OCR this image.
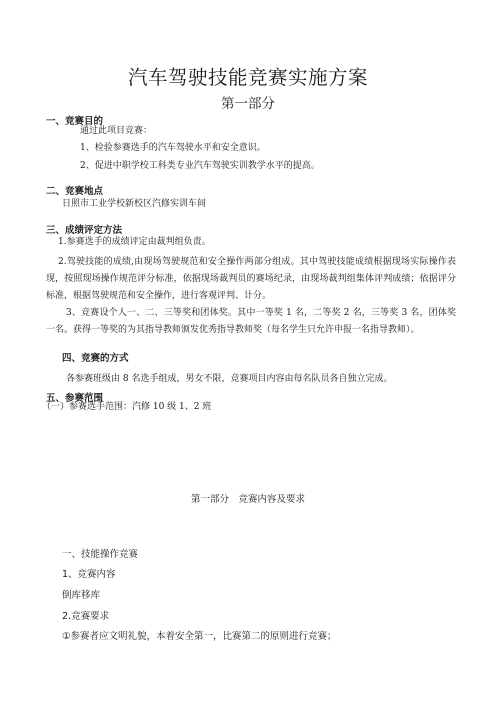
汽车驾驶技能竞赛实施方案
第一部分
一、竞赛目的
通过此项目竞赛：
1、检验参赛选手的汽车驾驶水平和安全意识。
2、促进中职学校工科类专业汽车驾驶实训教学水平的提高。
二、竞赛地点
日照市工业学校新校区汽修实训车间
三、成绩评定方法
1.参赛选手的成绩评定由裁判组负责。
2.驾驶技能的成绩,由现场驾驶规范和安全操作两部分组成。其中驾驶技能成绩根据现场实际操作表现，按照现场操作规范评分标准，依据现场裁判员的赛场纪录，由现场裁判组集体评判成绩；依据评分标准，根据驾驶规范和安全操作，进行客观评判、计分。
3、竞赛设个人一、二、三等奖和团体奖。其中一等奖 1 名，二等奖 2 名，三等奖 3 名，团体奖一名。获得一等奖的为其指导教师颁发优秀指导教师奖（每名学生只允许申报一名指导教师）。
四、竞赛的方式
各参赛班级由 8 名选手组成，男女不限，竞赛项目内容由每名队员各自独立完成。
五、参赛范围
（一）参赛选手范围：汽修 10 级 1、2 班
第一部分　竞赛内容及要求
一、技能操作竞赛
1、竞赛内容
倒库移库
2.竞赛要求
①参赛者应文明礼貌，本着安全第一，比赛第二的原则进行竞赛；
